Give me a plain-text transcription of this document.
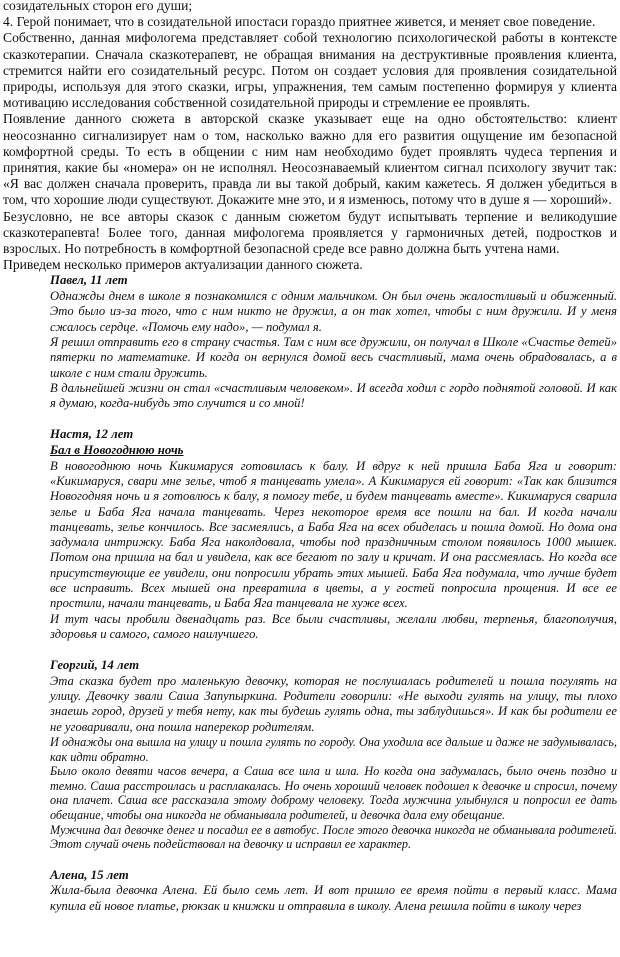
созидательных сторон его души;

4. Герой понимает, что в созидательной ипостаси гораздо приятнее живется, и меняет свое поведение.

Собственно, данная мифологема представляет собой технологию психологической работы в контексте сказкотерапии. Сначала сказкотерапевт, не обращая внимания на деструктивные проявления клиента, стремится найти его созидательный ресурс. Потом он создает условия для проявления созидательной природы, используя для этого сказки, игры, упражнения, тем самым постепенно формируя у клиента мотивацию исследования собственной созидательной природы и стремление ее проявлять.

Появление данного сюжета в авторской сказке указывает еще на одно обстоятельство: клиент неосознанно сигнализирует нам о том, насколько важно для его развития ощущение им безопасной комфортной среды. То есть в общении с ним нам необходимо будет проявлять чудеса терпения и принятия, какие бы «номера» он не исполнял. Неосознаваемый клиентом сигнал психологу звучит так: «Я вас должен сначала проверить, правда ли вы такой добрый, каким кажетесь. Я должен убедиться в том, что хорошие люди существуют. Докажите мне это, и я изменюсь, потому что в душе я — хороший».

Безусловно, не все авторы сказок с данным сюжетом будут испытывать терпение и великодушие сказкотерапевта! Более того, данная мифологема проявляется у гармоничных детей, подростков и взрослых. Но потребность в комфортной безопасной среде все равно должна быть учтена нами.

Приведем несколько примеров актуализации данного сюжета.

Павел, 11 лет

Однажды днем в школе я познакомился с одним мальчиком. Он был очень жалостливый и обиженный. Это было из-за того, что с ним никто не дружил, а он так хотел, чтобы с ним дружили. И у меня сжалось сердце. «Помочь ему надо», — подумал я.

Я решил отправить его в страну счастья. Там с ним все дружили, он получал в Школе «Счастье детей» пятерки по математике. И когда он вернулся домой весь счастливый, мама очень обрадовалась, а в школе с ним стали дружить.

В дальнейшей жизни он стал «счастливым человеком». И всегда ходил с гордо поднятой головой. И как я думаю, когда-нибудь это случится и со мной!

Настя, 12 лет

Бал в Новогоднюю ночь

В новогоднюю ночь Кикимаруся готовилась к балу. И вдруг к ней пришла Баба Яга и говорит: «Кикимаруся, свари мне зелье, чтоб я танцевать умела». А Кикимаруся ей говорит: «Так как близится Новогодняя ночь и я готовлюсь к балу, я помогу тебе, и будем танцевать вместе». Кикимаруся сварила зелье и Баба Яга начала танцевать. Через некоторое время все пошли на бал. И когда начали танцевать, зелье кончилось. Все засмеялись, а Баба Яга на всех обиделась и пошла домой. Но дома она задумала интрижку. Баба Яга наколдовала, чтобы под праздничным столом появилось 1000 мышек. Потом она пришла на бал и увидела, как все бегают по залу и кричат. И она рассмеялась. Но когда все присутствующие ее увидели, они попросили убрать этих мышей. Баба Яга подумала, что лучше будет все исправить. Всех мышей она превратила в цветы, а у гостей попросила прощения. И все ее простили, начали танцевать, и Баба Яга танцевала не хуже всех.

И тут часы пробили двенадцать раз. Все были счастливы, желали любви, терпенья, благополучия, здоровья и самого, самого наилучшего.

Георгий, 14 лет

Эта сказка будет про маленькую девочку, которая не послушалась родителей и пошла погулять на улицу. Девочку звали Саша Запупыркина. Родители говорили: «Не выходи гулять на улицу, ты плохо знаешь город, друзей у тебя нету, как ты будешь гулять одна, ты заблудишься». И как бы родители ее не уговаривали, она пошла наперекор родителям.

И однажды она вышла на улицу и пошла гулять по городу. Она уходила все дальше и даже не задумывалась, как идти обратно.

Было около девяти часов вечера, а Саша все шла и шла. Но когда она задумалась, было очень поздно и темно. Саша расстроилась и расплакалась. Но очень хороший человек подошел к девочке и спросил, почему она плачет. Саша все рассказала этому доброму человеку. Тогда мужчина улыбнулся и попросил ее дать обещание, чтобы она никогда не обманывала родителей, и девочка дала ему обещание.

Мужчина дал девочке денег и посадил ее в автобус. После этого девочка никогда не обманывала родителей. Этот случай очень подействовал на девочку и исправил ее характер.

Алена, 15 лет

Жила-была девочка Алена. Ей было семь лет. И вот пришло ее время пойти в первый класс. Мама купила ей новое платье, рюкзак и книжки и отправила в школу. Алена решила пойти в школу через
